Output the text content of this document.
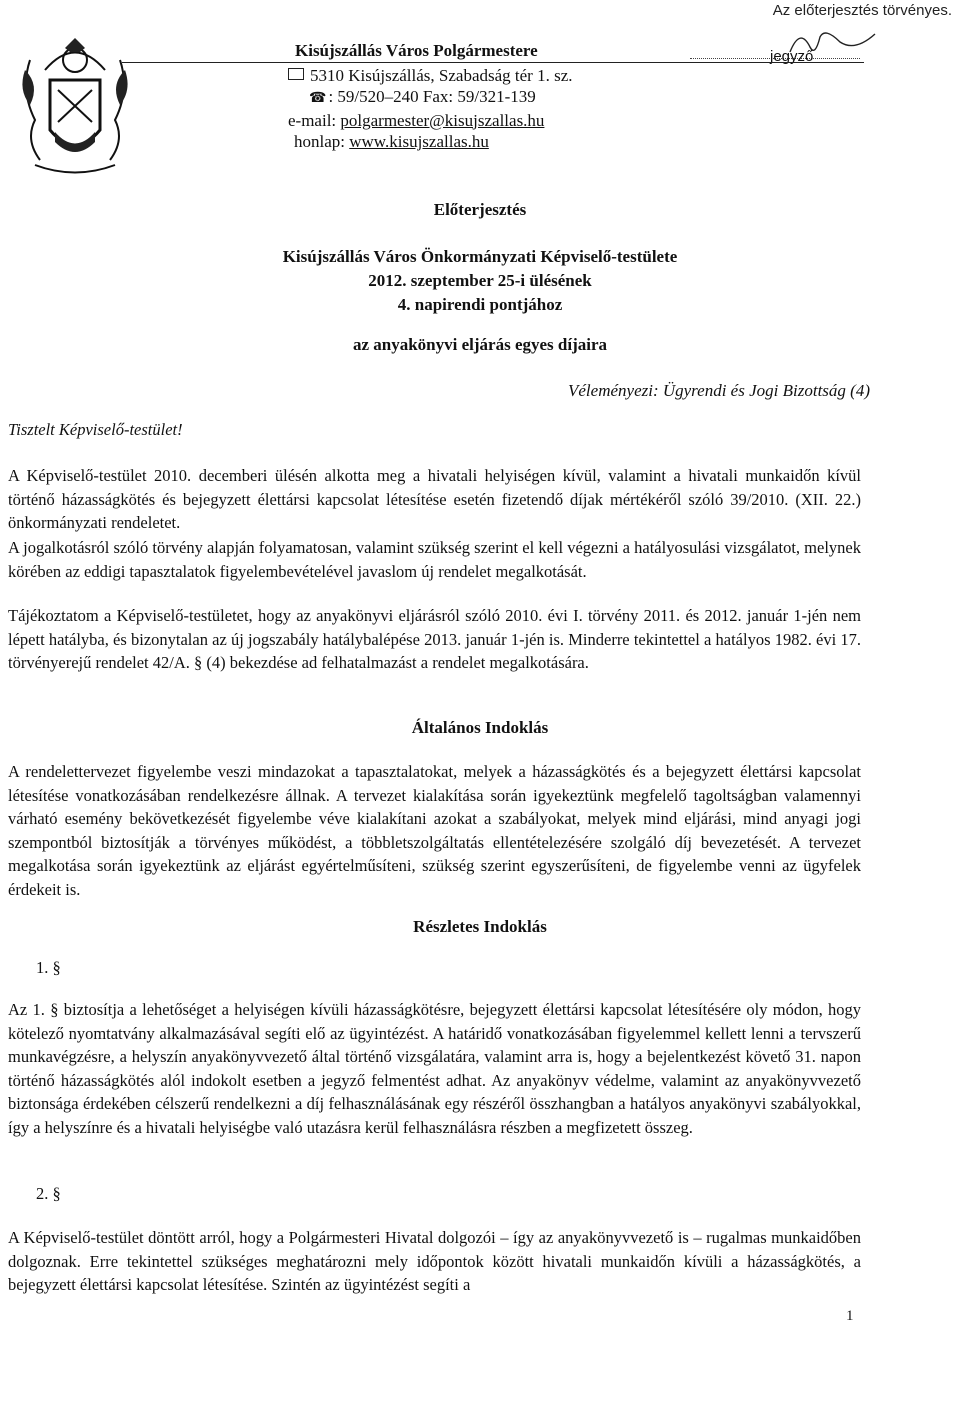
Az előterjesztés törvényes.
jegyző
Kisújszállás Város Polgármestere
5310 Kisújszállás, Szabadság tér 1. sz.
☎ : 59/520–240 Fax: 59/321-139
e-mail: polgarmester@kisujszallas.hu
honlap: www.kisujszallas.hu
Előterjesztés
Kisújszállás Város Önkormányzati Képviselő-testülete
2012. szeptember 25-i ülésének
4. napirendi pontjához
az anyakönyvi eljárás egyes díjaira
Véleményezi: Ügyrendi és Jogi Bizottság (4)
Tisztelt Képviselő-testület!
A Képviselő-testület 2010. decemberi ülésén alkotta meg a hivatali helyiségen kívül, valamint a hivatali munkaidőn kívül történő házasságkötés és bejegyzett élettársi kapcsolat létesítése esetén fizetendő díjak mértékéről szóló 39/2010. (XII. 22.) önkormányzati rendeletet.
A jogalkotásról szóló törvény alapján folyamatosan, valamint szükség szerint el kell végezni a hatályosulási vizsgálatot, melynek körében az eddigi tapasztalatok figyelembevételével javaslom új rendelet megalkotását.
Tájékoztatom a Képviselő-testületet, hogy az anyakönyvi eljárásról szóló 2010. évi I. törvény 2011. és 2012. január 1-jén nem lépett hatályba, és bizonytalan az új jogszabály hatálybalépése 2013. január 1-jén is. Minderre tekintettel a hatályos 1982. évi 17. törvényerejű rendelet 42/A. § (4) bekezdése ad felhatalmazást a rendelet megalkotására.
Általános Indoklás
A rendelettervezet figyelembe veszi mindazokat a tapasztalatokat, melyek a házasságkötés és a bejegyzett élettársi kapcsolat létesítése vonatkozásában rendelkezésre állnak. A tervezet kialakítása során igyekeztünk megfelelő tagoltságban valamennyi várható esemény bekövetkezését figyelembe véve kialakítani azokat a szabályokat, melyek mind eljárási, mind anyagi jogi szempontból biztosítják a törvényes működést, a többletszolgáltatás ellentételezésére szolgáló díj bevezetését. A tervezet megalkotása során igyekeztünk az eljárást egyértelműsíteni, szükség szerint egyszerűsíteni, de figyelembe venni az ügyfelek érdekeit is.
Részletes Indoklás
1. §
Az 1. § biztosítja a lehetőséget a helyiségen kívüli házasságkötésre, bejegyzett élettársi kapcsolat létesítésére oly módon, hogy kötelező nyomtatvány alkalmazásával segíti elő az ügyintézést. A határidő vonatkozásában figyelemmel kellett lenni a tervszerű munkavégzésre, a helyszín anyakönyvvezető által történő vizsgálatára, valamint arra is, hogy a bejelentkezést követő 31. napon történő házasságkötés alól indokolt esetben a jegyző felmentést adhat. Az anyakönyv védelme, valamint az anyakönyvvezető biztonsága érdekében célszerű rendelkezni a díj felhasználásának egy részéről összhangban a hatályos anyakönyvi szabályokkal, így a helyszínre és a hivatali helyiségbe való utazásra kerül felhasználásra részben a megfizetett összeg.
2. §
A Képviselő-testület döntött arról, hogy a Polgármesteri Hivatal dolgozói – így az anyakönyvvezető is – rugalmas munkaidőben dolgoznak. Erre tekintettel szükséges meghatározni mely időpontok között hivatali munkaidőn kívüli a házasságkötés, a bejegyzett élettársi kapcsolat létesítése. Szintén az ügyintézést segíti a
1
